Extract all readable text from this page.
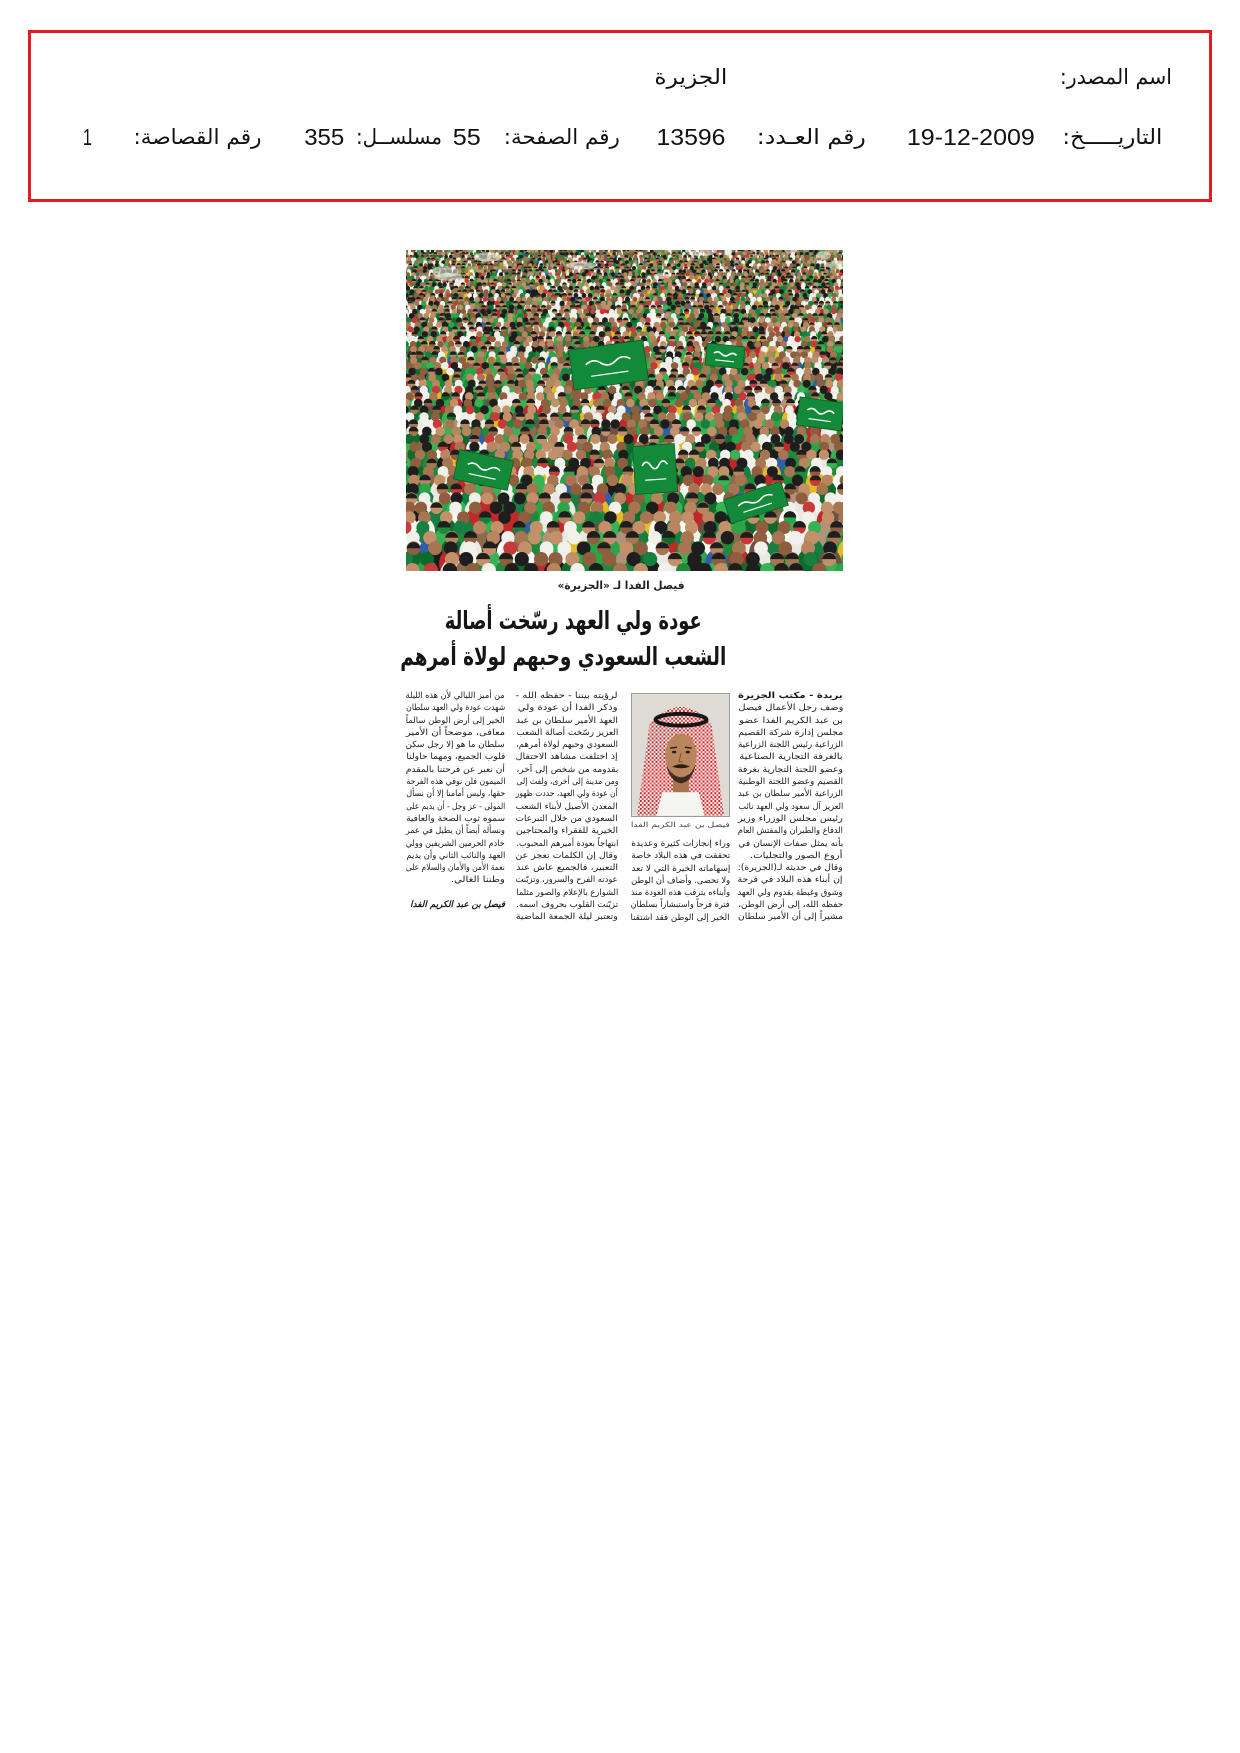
اسم المصدر:
الجزيرة
التاريـــــخ:
19-12-2009
رقم العـدد:
13596
رقم الصفحة:
55
مسلســل:
355
رقم القصاصة:
1
فيصل الفدا لـ «الجزيرة»
عودة ولي العهد رسّخت أصالة
الشعب السعودي وحبهم لولاة أمرهم
بريدة - مكتب الجزيرة
وصف رجل الأعمال فيصل
بن عبد الكريم الفدا عضو
مجلس إدارة شركة القصيم
الزراعية رئيس اللجنة الزراعية
بالغرفة التجارية الصناعية
وعضو اللجنة التجارية بغرفة
القصيم وعضو اللجنة الوطنية
الزراعية الأمير سلطان بن عبد
العزيز آل سعود ولي العهد نائب
رئيس مجلس الوزراء وزير
الدفاع والطيران والمفتش العام
بأنه يمثل صفات الإنسان في
أروع الصور والتجليات.
وقال في حديثه لـ(الجزيرة):
إن أبناء هذه البلاد في فرحة
وشوق وغبطة بقدوم ولي العهد
حفظه الله، إلى أرض الوطن،
مشيراً إلى أن الأمير سلطان
فيصل بن عبد الكريم الفدا
وراء إنجازات كثيرة وعديدة
تحققت في هذه البلاد خاصة
إسهاماته الخيرة التي لا تعد
ولا تحصى. وأضاف أن الوطن
وأبناءه يترقب هذه العودة منذ
فترة فرحاً واستبشاراً بسلطان
الخير إلى الوطن فقد اشتقنا
لرؤيته بيننا - حفظه الله -
وذكر الفدا أن عودة ولي
العهد الأمير سلطان بن عبد
العزيز رسّخت أصالة الشعب
السعودي وحبهم لولاة أمرهم،
إذ اختلفت مشاهد الاحتفال
بقدومه من شخص إلى آخر،
ومن مدينة إلى أخرى، ولفت إلى
أن عودة ولي العهد، جددت ظهور
المعدن الأصيل لأبناء الشعب
السعودي من خلال التبرعات
الخيرية للفقراء والمحتاجين
ابتهاجاً بعودة أميرهم المحبوب.
وقال إن الكلمات تعجز عن
التعبير، فالجميع عاش عند
عودته الفرح والسرور، وتزيّنت
الشوارع بالإعلام والصور مثلما
تزيّنت القلوب بحروف اسمه.
وتعتبر ليلة الجمعة الماضية
من أميز الليالي لأن هذه الليلة
شهدت عودة ولي العهد سلطان
الخير إلى أرض الوطن سالماً
معافى، موضحاً أن الأمير
سلطان ما هو إلا رجل سكن
قلوب الجميع، ومهما حاولنا
أن نعبر عن فرحتنا بالمقدم
الميمون فلن نوفي هذه الفرحة
حقها، وليس أمامنا إلا أن نسأل
المولى - عز وجل - أن يديم على
سموه ثوب الصحة والعافية
ونسأله أيضاً أن يطيل في عمر
خادم الحرمين الشريفين وولي
العهد والنائب الثاني وأن يديم
نعمة الأمن والأمان والسلام على
وطننا الغالي.
فيصل بن عبد الكريم الفدا
